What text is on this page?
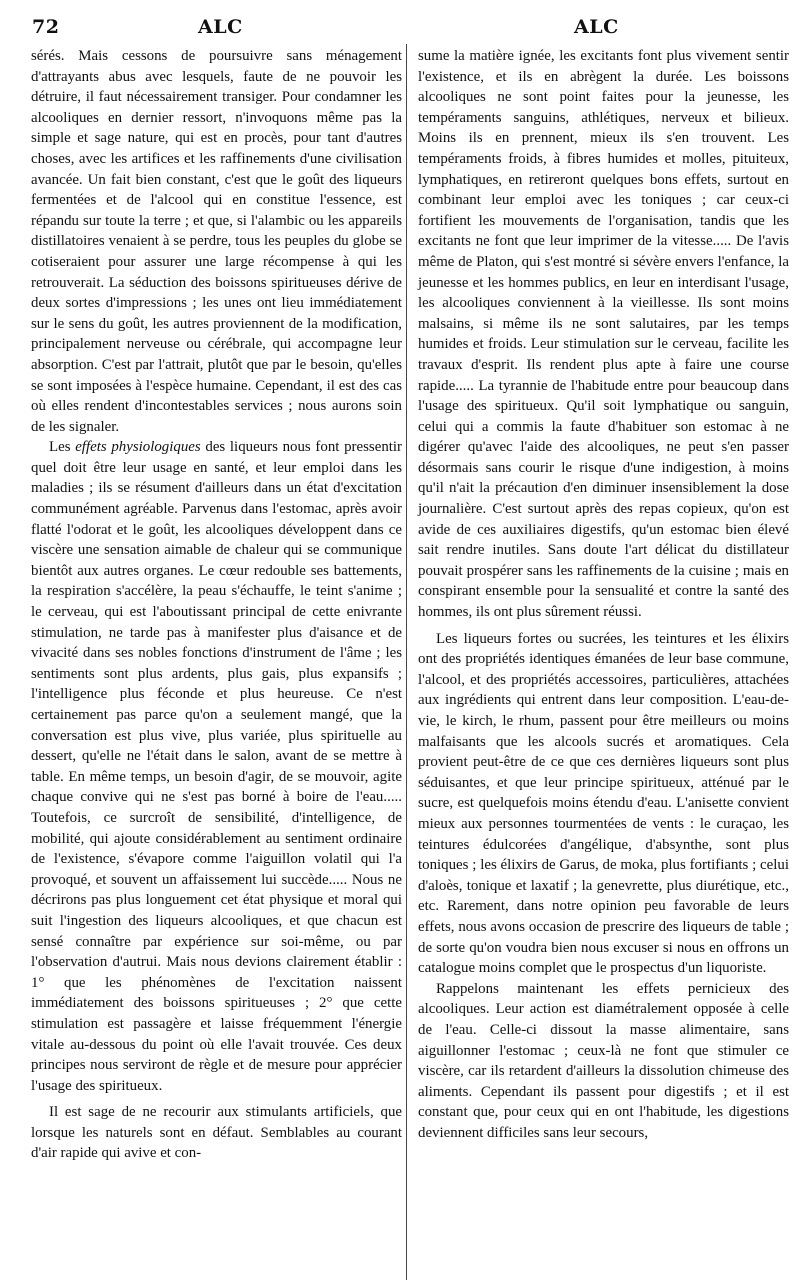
72	ALC	ALC

sérés. Mais cessons de poursuivre sans ménagement d'attrayants abus avec lesquels, faute de ne pouvoir les détruire, il faut nécessairement transiger. Pour condamner les alcooliques en dernier ressort, n'invoquons même pas la simple et sage nature, qui est en procès, pour tant d'autres choses, avec les artifices et les raffinements d'une civilisation avancée. Un fait bien constant, c'est que le goût des liqueurs fermentées et de l'alcool qui en constitue l'essence, est répandu sur toute la terre ; et que, si l'alambic ou les appareils distillatoires venaient à se perdre, tous les peuples du globe se cotiseraient pour assurer une large récompense à qui les retrouverait. La séduction des boissons spiritueuses dérive de deux sortes d'impressions ; les unes ont lieu immédiatement sur le sens du goût, les autres proviennent de la modification, principalement nerveuse ou cérébrale, qui accompagne leur absorption. C'est par l'attrait, plutôt que par le besoin, qu'elles se sont imposées à l'espèce humaine. Cependant, il est des cas où elles rendent d'incontestables services ; nous aurons soin de les signaler.

Les effets physiologiques des liqueurs nous font pressentir quel doit être leur usage en santé, et leur emploi dans les maladies ; ils se résument d'ailleurs dans un état d'excitation communément agréable. Parvenus dans l'estomac, après avoir flatté l'odorat et le goût, les alcooliques développent dans ce viscère une sensation aimable de chaleur qui se communique bientôt aux autres organes. Le cœur redouble ses battements, la respiration s'accélère, la peau s'échauffe, le teint s'anime ; le cerveau, qui est l'aboutissant principal de cette enivrante stimulation, ne tarde pas à manifester plus d'aisance et de vivacité dans ses nobles fonctions d'instrument de l'âme ; les sentiments sont plus ardents, plus gais, plus expansifs ; l'intelligence plus féconde et plus heureuse. Ce n'est certainement pas parce qu'on a seulement mangé, que la conversation est plus vive, plus variée, plus spirituelle au dessert, qu'elle ne l'était dans le salon, avant de se mettre à table. En même temps, un besoin d'agir, de se mouvoir, agite chaque convive qui ne s'est pas borné à boire de l'eau..... Toutefois, ce surcroît de sensibilité, d'intelligence, de mobilité, qui ajoute considérablement au sentiment ordinaire de l'existence, s'évapore comme l'aiguillon volatil qui l'a provoqué, et souvent un affaissement lui succède..... Nous ne décrirons pas plus longuement cet état physique et moral qui suit l'ingestion des liqueurs alcooliques, et que chacun est sensé connaître par expérience sur soi-même, ou par l'observation d'autrui. Mais nous devions clairement établir : 1° que les phénomènes de l'excitation naissent immédiatement des boissons spiritueuses ; 2° que cette stimulation est passagère et laisse fréquemment l'énergie vitale au-dessous du point où elle l'avait trouvée. Ces deux principes nous serviront de règle et de mesure pour apprécier l'usage des spiritueux.

Il est sage de ne recourir aux stimulants artificiels, que lorsque les naturels sont en défaut. Semblables au courant d'air rapide qui avive et con-

sume la matière ignée, les excitants font plus vivement sentir l'existence, et ils en abrègent la durée. Les boissons alcooliques ne sont point faites pour la jeunesse, les tempéraments sanguins, athlétiques, nerveux et bilieux. Moins ils en prennent, mieux ils s'en trouvent. Les tempéraments froids, à fibres humides et molles, pituiteux, lymphatiques, en retireront quelques bons effets, surtout en combinant leur emploi avec les toniques ; car ceux-ci fortifient les mouvements de l'organisation, tandis que les excitants ne font que leur imprimer de la vitesse..... De l'avis même de Platon, qui s'est montré si sévère envers l'enfance, la jeunesse et les hommes publics, en leur en interdisant l'usage, les alcooliques conviennent à la vieillesse. Ils sont moins malsains, si même ils ne sont salutaires, par les temps humides et froids. Leur stimulation sur le cerveau, facilite les travaux d'esprit. Ils rendent plus apte à faire une course rapide..... La tyrannie de l'habitude entre pour beaucoup dans l'usage des spiritueux. Qu'il soit lymphatique ou sanguin, celui qui a commis la faute d'habituer son estomac à ne digérer qu'avec l'aide des alcooliques, ne peut s'en passer désormais sans courir le risque d'une indigestion, à moins qu'il n'ait la précaution d'en diminuer insensiblement la dose journalière. C'est surtout après des repas copieux, qu'on est avide de ces auxiliaires digestifs, qu'un estomac bien élevé sait rendre inutiles. Sans doute l'art délicat du distillateur pouvait prospérer sans les raffinements de la cuisine ; mais en conspirant ensemble pour la sensualité et contre la santé des hommes, ils ont plus sûrement réussi.

Les liqueurs fortes ou sucrées, les teintures et les élixirs ont des propriétés identiques émanées de leur base commune, l'alcool, et des propriétés accessoires, particulières, attachées aux ingrédients qui entrent dans leur composition. L'eau-de-vie, le kirch, le rhum, passent pour être meilleurs ou moins malfaisants que les alcools sucrés et aromatiques. Cela provient peut-être de ce que ces dernières liqueurs sont plus séduisantes, et que leur principe spiritueux, atténué par le sucre, est quelquefois moins étendu d'eau. L'anisette convient mieux aux personnes tourmentées de vents : le curaçao, les teintures édulcorées d'angélique, d'absynthe, sont plus toniques ; les élixirs de Garus, de moka, plus fortifiants ; celui d'aloès, tonique et laxatif ; la genevrette, plus diurétique, etc., etc. Rarement, dans notre opinion peu favorable de leurs effets, nous avons occasion de prescrire des liqueurs de table ; de sorte qu'on voudra bien nous excuser si nous en offrons un catalogue moins complet que le prospectus d'un liquoriste.

Rappelons maintenant les effets pernicieux des alcooliques. Leur action est diamétralement opposée à celle de l'eau. Celle-ci dissout la masse alimentaire, sans aiguillonner l'estomac ; ceux-là ne font que stimuler ce viscère, car ils retardent d'ailleurs la dissolution chimeuse des aliments. Cependant ils passent pour digestifs ; et il est constant que, pour ceux qui en ont l'habitude, les digestions deviennent difficiles sans leur secours,
